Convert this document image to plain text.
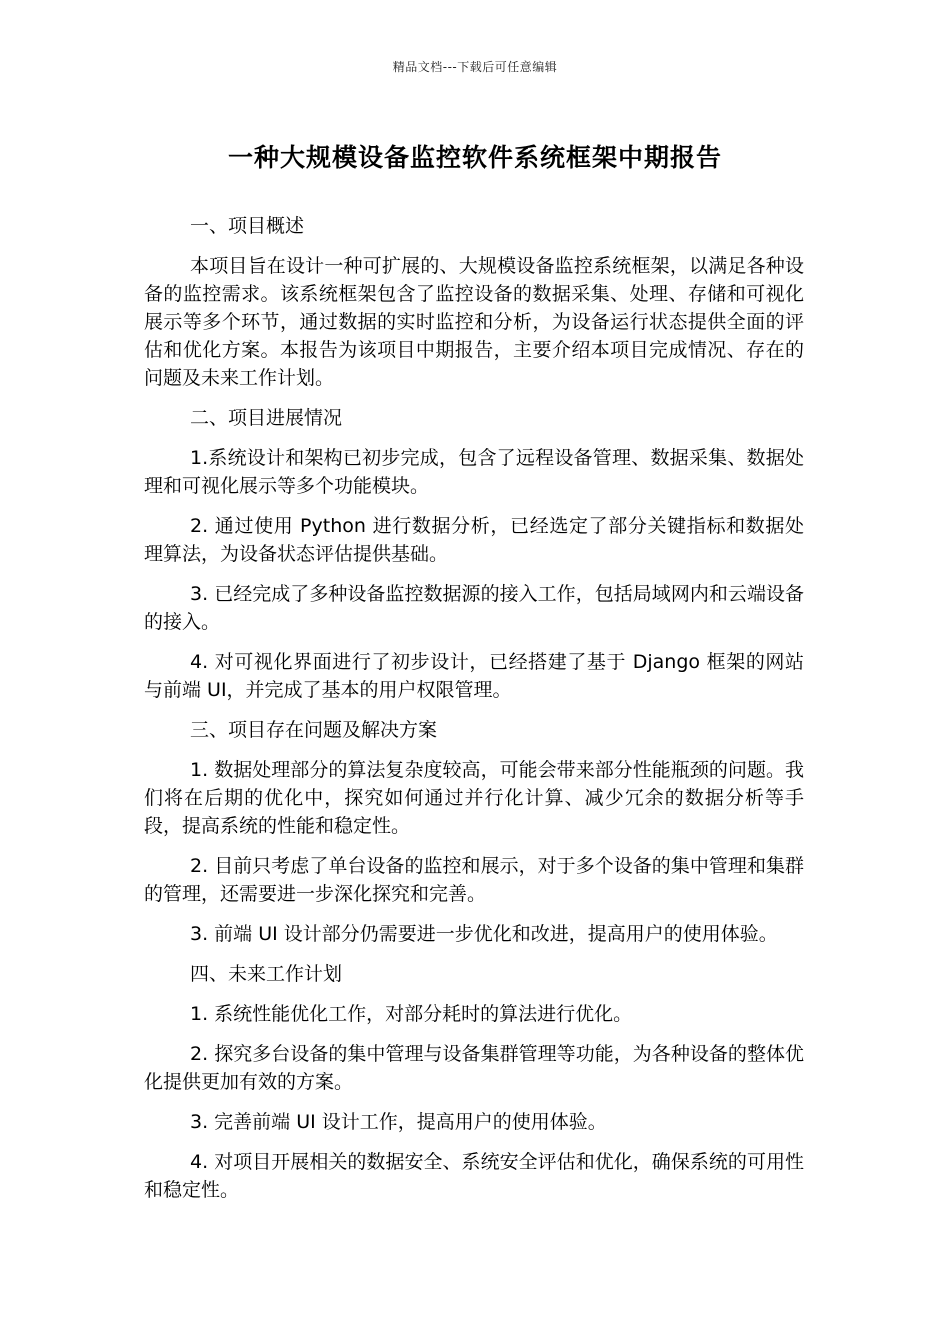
精品文档---下载后可任意编辑
一种大规模设备监控软件系统框架中期报告

一、项目概述

本项目旨在设计一种可扩展的、大规模设备监控系统框架，以满足各种设备的监控需求。该系统框架包含了监控设备的数据采集、处理、存储和可视化展示等多个环节，通过数据的实时监控和分析，为设备运行状态提供全面的评估和优化方案。本报告为该项目中期报告，主要介绍本项目完成情况、存在的问题及未来工作计划。

二、项目进展情况

1.系统设计和架构已初步完成，包含了远程设备管理、数据采集、数据处理和可视化展示等多个功能模块。

2. 通过使用 Python 进行数据分析，已经选定了部分关键指标和数据处理算法，为设备状态评估提供基础。

3. 已经完成了多种设备监控数据源的接入工作，包括局域网内和云端设备的接入。

4. 对可视化界面进行了初步设计，已经搭建了基于 Django 框架的网站与前端 UI，并完成了基本的用户权限管理。

三、项目存在问题及解决方案

1. 数据处理部分的算法复杂度较高，可能会带来部分性能瓶颈的问题。我们将在后期的优化中，探究如何通过并行化计算、减少冗余的数据分析等手段，提高系统的性能和稳定性。

2. 目前只考虑了单台设备的监控和展示，对于多个设备的集中管理和集群的管理，还需要进一步深化探究和完善。

3. 前端 UI 设计部分仍需要进一步优化和改进，提高用户的使用体验。

四、未来工作计划

1. 系统性能优化工作，对部分耗时的算法进行优化。

2. 探究多台设备的集中管理与设备集群管理等功能，为各种设备的整体优化提供更加有效的方案。

3. 完善前端 UI 设计工作，提高用户的使用体验。

4. 对项目开展相关的数据安全、系统安全评估和优化，确保系统的可用性和稳定性。
